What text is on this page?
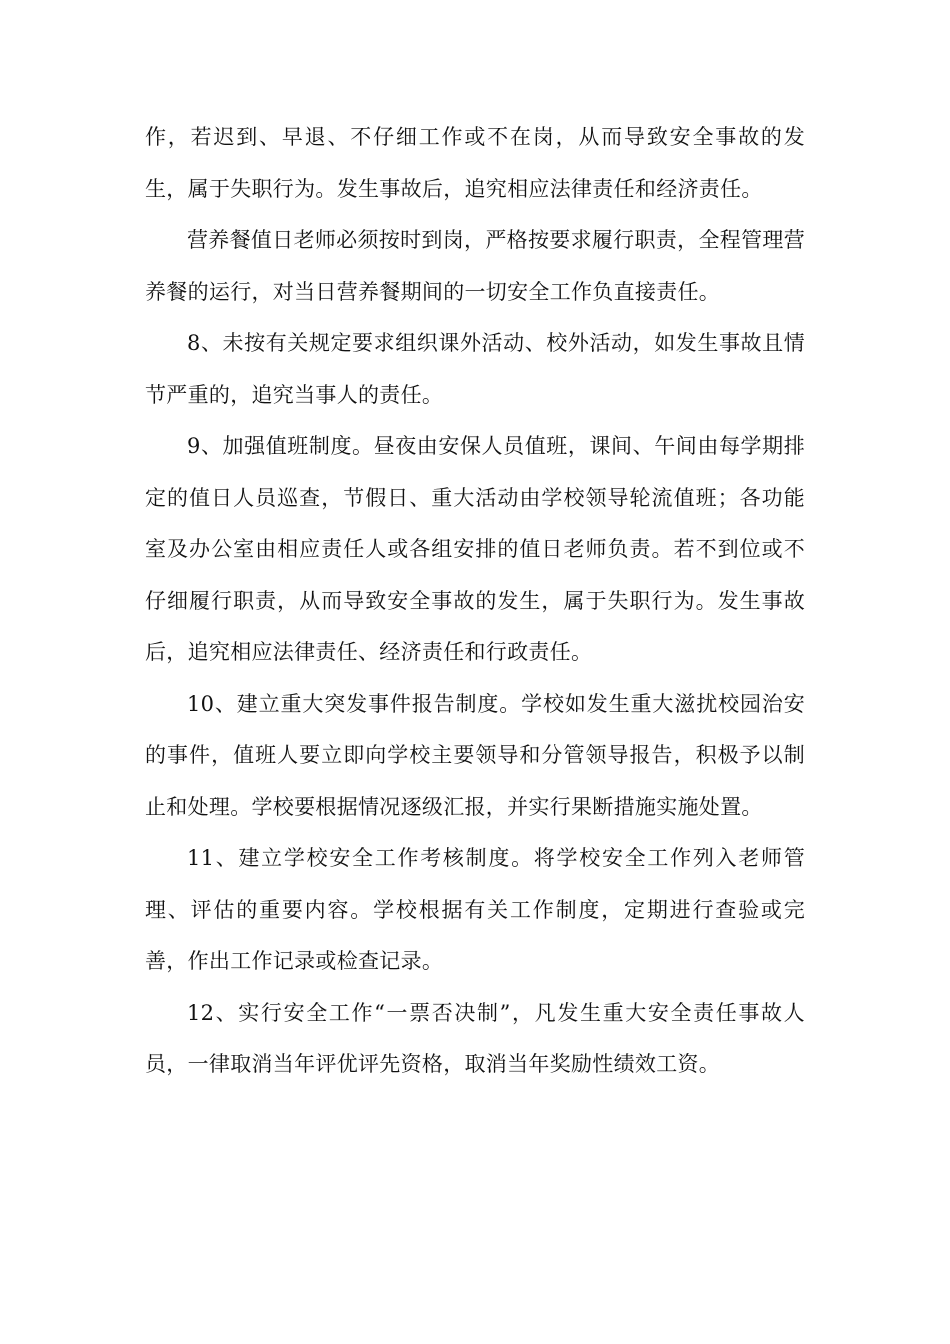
作，若迟到、早退、不仔细工作或不在岗，从而导致安全事故的发生，属于失职行为。发生事故后，追究相应法律责任和经济责任。

营养餐值日老师必须按时到岗，严格按要求履行职责，全程管理营养餐的运行，对当日营养餐期间的一切安全工作负直接责任。

8、未按有关规定要求组织课外活动、校外活动，如发生事故且情节严重的，追究当事人的责任。

9、加强值班制度。昼夜由安保人员值班，课间、午间由每学期排定的值日人员巡查，节假日、重大活动由学校领导轮流值班；各功能室及办公室由相应责任人或各组安排的值日老师负责。若不到位或不仔细履行职责，从而导致安全事故的发生，属于失职行为。发生事故后，追究相应法律责任、经济责任和行政责任。

10、建立重大突发事件报告制度。学校如发生重大滋扰校园治安的事件，值班人要立即向学校主要领导和分管领导报告，积极予以制止和处理。学校要根据情况逐级汇报，并实行果断措施实施处置。

11、建立学校安全工作考核制度。将学校安全工作列入老师管理、评估的重要内容。学校根据有关工作制度，定期进行查验或完善，作出工作记录或检查记录。

12、实行安全工作“一票否决制”，凡发生重大安全责任事故人员，一律取消当年评优评先资格，取消当年奖励性绩效工资。
